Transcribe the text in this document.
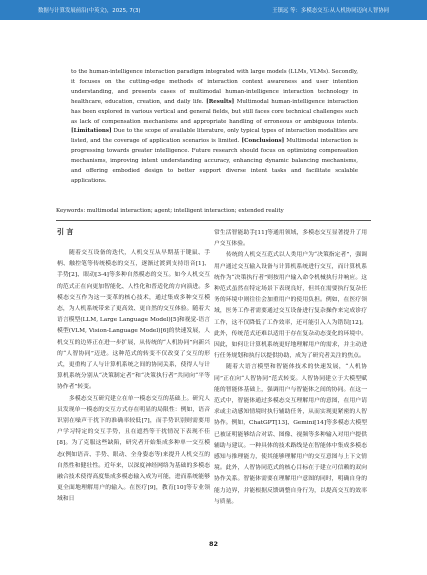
数据与计算发展前沿(中英文)，2025, 7(3)	王镇远 等：多模态交互:从人机协同迈向人智协同
to the human-intelligence interaction paradigm integrated with large models (LLMs, VLMs). Secondly, it focuses on the cutting-edge methods of interaction context awareness and user intention understanding, and presents cases of multimodal human-intelligence interaction technology in healthcare, education, creation, and daily life. [Results] Multimodal human-intelligence interaction has been explored in various vertical and general fields, but still faces core technical challenges such as lack of compensation mechanisms and appropriate handling of erroneous or ambiguous intents. [Limitations] Due to the scope of available literature, only typical types of interaction modalities are listed, and the coverage of application scenarios is limited. [Conclusions] Multimodal interaction is progressing towards greater intelligence. Future research should focus on optimizing compensation mechanisms, improving intent understanding accuracy, enhancing dynamic balancing mechanisms, and offering embodied design to better support diverse intent tasks and facilitate scalable applications.
Keywords: multimodal interaction; agent; intelligent interaction; extended reality
引 言

随着交互设备的迭代，人机交互从早期基于键鼠、手柄、触控笔等传统模态的交互，逐渐过渡到支持语音[1]、手势[2]、眼动[3-4]等多种自然模态的交互。如今人机交互的范式正在向更加智能化、人性化和普适化的方向演进。多模态交互作为这一变革的核心技术，通过集成多种交互模态，为人机系统带来了更高效、更自然的交互体验。随着大语言模型(LLM, Large Language Model)[5]和视觉-语言模型(VLM, Vision-Language Model)[6]的快速发展，人机交互的边界正在进一步扩展，从传统的“人机协同”向新兴的“人智协同”迈进。这种范式的转变不仅改变了交互的形式，更重构了人与计算机系统之间的协同关系，使得人与计算机系统分别从“决策制定者”和“决策执行者”共同向“平等协作者”转变。

多模态交互研究建立在单一模态交互的基础上。研究人员发现单一模态的交互方式存在明显的局限性：例如，语音识别在噪声干扰下的准确率较低[7]，而手势识别则需要用户学习特定的交互手势，且在遮挡等干扰情况下表现不佳[8]。为了克服这些缺陷，研究者开始集成多种单一交互模态(例如语音、手势、眼动、全身姿态等)来提升人机交互的自然性和健壮性。近年来，以深度神经网络为基础的多模态融合技术使得高度集成多模态输入成为可能，进而系统能够更全面地理解用户的输入。在医疗[9]，教育[10]等专业领域和日

常生活智能助手[11]等通用领域，多模态交互显著提升了用户交互体验。

传统的人机交互范式以人类用户为“决策指定者”，强调用户通过交互输入设备与计算机系统进行交互，而计算机系统作为“决策执行者”则按用户输入命令机械执行并响应。这种范式虽然在特定场景下表现良好，但其在需要执行复杂任务的环境中则往往会加重用户的使用负担。例如，在医疗领域，医务工作者需要通过交互设备进行复杂操作来完成诊疗工作，这不仅降低了工作效率，还可能引入人为错误[12]。此外，传统范式还难以适用于存在复杂动态变化的环境中。因此，如何让计算机系统更好地理解用户的需求，并主动进行任务规划和执行以提供协助，成为了研究者关注的焦点。

随着大语言模型和智能体技术的快速发展，“人机协同”正在向“人智协同”范式转变。人智协同建立于大模型赋能的智能体基础上，强调用户与智能体之间的协同。在这一范式中，智能体通过多模态交互理解用户的意图，在用户请求或主动感知情境时执行辅助任务，从而实现更紧密的人智协作。例如，ChatGPT[13]、Gemini[14]等多模态大模型已被证明能够结合对话、图像、视频等多种输入对用户提供辅助与建议。一种具体的技术路线是在智能体中集成多模态感知与推理能力，使其能够理解用户的交互意图与上下文情境。此外，人智协同范式的核心目标在于建立可信赖的双向协作关系。智能体需要在理解用户意图的同时，明确自身的能力边界，并能根据反馈调整自身行为，以提高交互的效率与质量。

82
